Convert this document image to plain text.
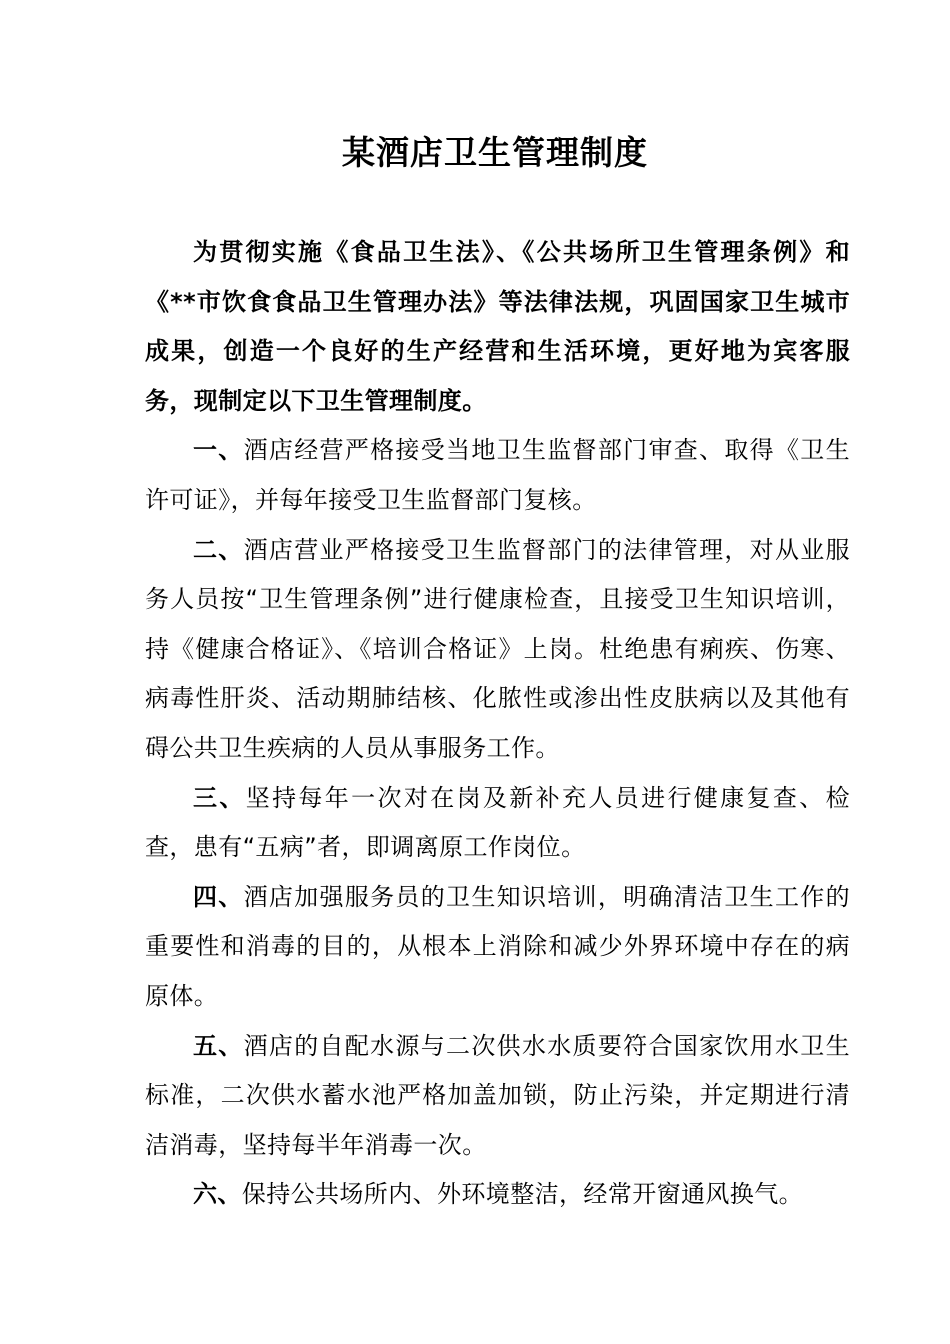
某酒店卫生管理制度

为贯彻实施《食品卫生法》、《公共场所卫生管理条例》和《**市饮食食品卫生管理办法》等法律法规，巩固国家卫生城市成果，创造一个良好的生产经营和生活环境，更好地为宾客服务，现制定以下卫生管理制度。

一、酒店经营严格接受当地卫生监督部门审查、取得《卫生许可证》，并每年接受卫生监督部门复核。

二、酒店营业严格接受卫生监督部门的法律管理，对从业服务人员按“卫生管理条例”进行健康检查，且接受卫生知识培训，持《健康合格证》、《培训合格证》上岗。杜绝患有痢疾、伤寒、病毒性肝炎、活动期肺结核、化脓性或渗出性皮肤病以及其他有碍公共卫生疾病的人员从事服务工作。

三、坚持每年一次对在岗及新补充人员进行健康复查、检查，患有“五病”者，即调离原工作岗位。

四、酒店加强服务员的卫生知识培训，明确清洁卫生工作的重要性和消毒的目的，从根本上消除和减少外界环境中存在的病原体。

五、酒店的自配水源与二次供水水质要符合国家饮用水卫生标准，二次供水蓄水池严格加盖加锁，防止污染，并定期进行清洁消毒，坚持每半年消毒一次。

六、保持公共场所内、外环境整洁，经常开窗通风换气。
